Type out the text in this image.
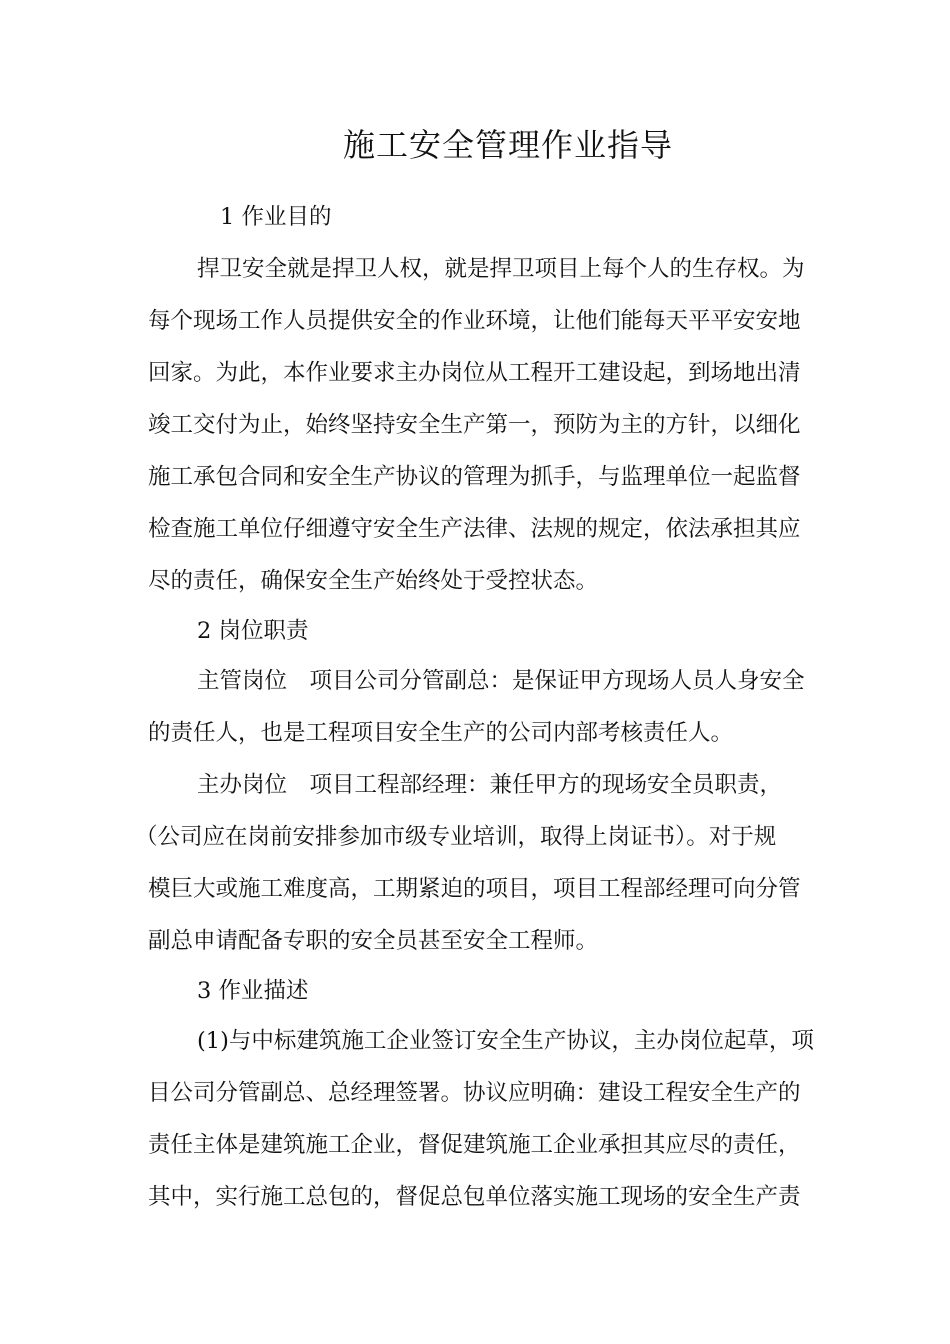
施工安全管理作业指导
1 作业目的
捍卫安全就是捍卫人权，就是捍卫项目上每个人的生存权。为
每个现场工作人员提供安全的作业环境，让他们能每天平平安安地
回家。为此，本作业要求主办岗位从工程开工建设起，到场地出清
竣工交付为止，始终坚持安全生产第一，预防为主的方针，以细化
施工承包合同和安全生产协议的管理为抓手，与监理单位一起监督
检查施工单位仔细遵守安全生产法律、法规的规定，依法承担其应
尽的责任，确保安全生产始终处于受控状态。
2 岗位职责
主管岗位　项目公司分管副总：是保证甲方现场人员人身安全
的责任人，也是工程项目安全生产的公司内部考核责任人。
主办岗位　项目工程部经理：兼任甲方的现场安全员职责，
（公司应在岗前安排参加市级专业培训，取得上岗证书）。对于规
模巨大或施工难度高，工期紧迫的项目，项目工程部经理可向分管
副总申请配备专职的安全员甚至安全工程师。
3 作业描述
(1)与中标建筑施工企业签订安全生产协议，主办岗位起草，项
目公司分管副总、总经理签署。协议应明确：建设工程安全生产的
责任主体是建筑施工企业，督促建筑施工企业承担其应尽的责任，
其中，实行施工总包的，督促总包单位落实施工现场的安全生产责
